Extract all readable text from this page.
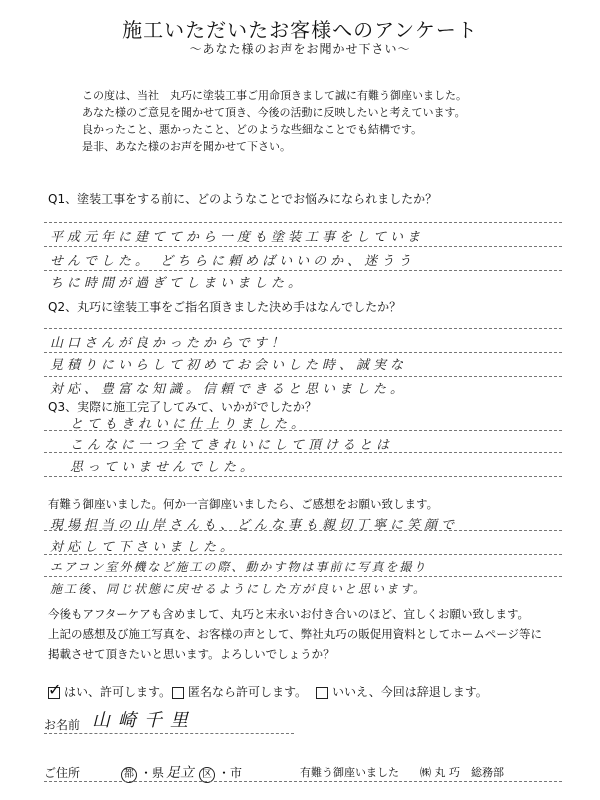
施工いただいたお客様へのアンケート
～あなた様のお声をお聞かせ下さい～
この度は、当社　丸巧に塗装工事ご用命頂きまして誠に有難う御座いました。
あなた様のご意見を聞かせて頂き、今後の活動に反映したいと考えています。
良かったこと、悪かったこと、どのような些細なことでも結構です。
是非、あなた様のお声を聞かせて下さい。
Q1、塗装工事をする前に、どのようなことでお悩みになられましたか？
平成元年に建ててから一度も塗装工事をしていま
せんでした。 どちらに頼めばいいのか、迷うう
ちに時間が過ぎてしまいました。
Q2、丸巧に塗装工事をご指名頂きました決め手はなんでしたか？
山口さんが良かったからです！
見積りにいらして初めてお会いした時、誠実な
対応、豊富な知識。信頼できると思いました。
Q3、実際に施工完了してみて、いかがでしたか？
とてもきれいに仕上りました。
こんなに一つ全てきれいにして頂けるとは
思っていませんでした。
有難う御座いました。何か一言御座いましたら、ご感想をお願い致します。
現場担当の山岸さんも、どんな事も親切丁寧に笑顔で
対応して下さいました。
エアコン室外機など施工の際、動かす物は事前に写真を撮り
施工後、同じ状態に戻せるようにした方が良いと思います。
今後もアフターケアも含めまして、丸巧と末永いお付き合いのほど、宜しくお願い致します。
上記の感想及び施工写真を、お客様の声として、弊社丸巧の販促用資料としてホームページ等に
掲載させて頂きたいと思います。よろしいでしょうか？
✓はい、許可します。	匿名なら許可します。	いいえ、今回は辞退します。
お名前 山崎千里
ご住所	都 ・県 足立 区 ・市	有難う御座いました ㈱ 丸 巧　総務部
